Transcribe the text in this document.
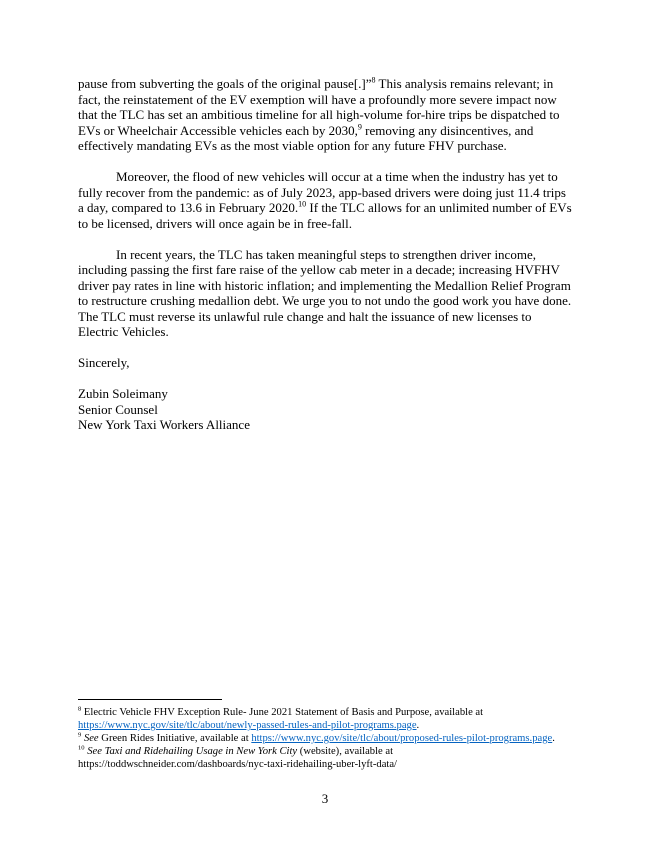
pause from subverting the goals of the original pause[.]”$^8$ This analysis remains relevant; in fact, the reinstatement of the EV exemption will have a profoundly more severe impact now that the TLC has set an ambitious timeline for all high-volume for-hire trips be dispatched to EVs or Wheelchair Accessible vehicles each by 2030,$^9$ removing any disincentives, and effectively mandating EVs as the most viable option for any future FHV purchase.

Moreover, the flood of new vehicles will occur at a time when the industry has yet to fully recover from the pandemic: as of July 2023, app-based drivers were doing just 11.4 trips a day, compared to 13.6 in February 2020.10 If the TLC allows for an unlimited number of EVs to be licensed, drivers will once again be in free-fall.

In recent years, the TLC has taken meaningful steps to strengthen driver income, including passing the first fare raise of the yellow cab meter in a decade; increasing HVFHV driver pay rates in line with historic inflation; and implementing the Medallion Relief Program to restructure crushing medallion debt. We urge you to not undo the good work you have done. The TLC must reverse its unlawful rule change and halt the issuance of new licenses to Electric Vehicles.

Sincerely,

Zubin Soleimany
Senior Counsel
New York Taxi Workers Alliance
$^8$ Electric Vehicle FHV Exception Rule- June 2021 Statement of Basis and Purpose, available at
https://www.nyc.gov/site/tlc/about/newly-passed-rules-and-pilot-programs.page.
$^9$ See Green Rides Initiative, available at https://www.nyc.gov/site/tlc/about/proposed-rules-pilot-programs.page.
$^{10}$ See Taxi and Ridehailing Usage in New York City (website), available at
https://toddwschneider.com/dashboards/nyc-taxi-ridehailing-uber-lyft-data/
3
